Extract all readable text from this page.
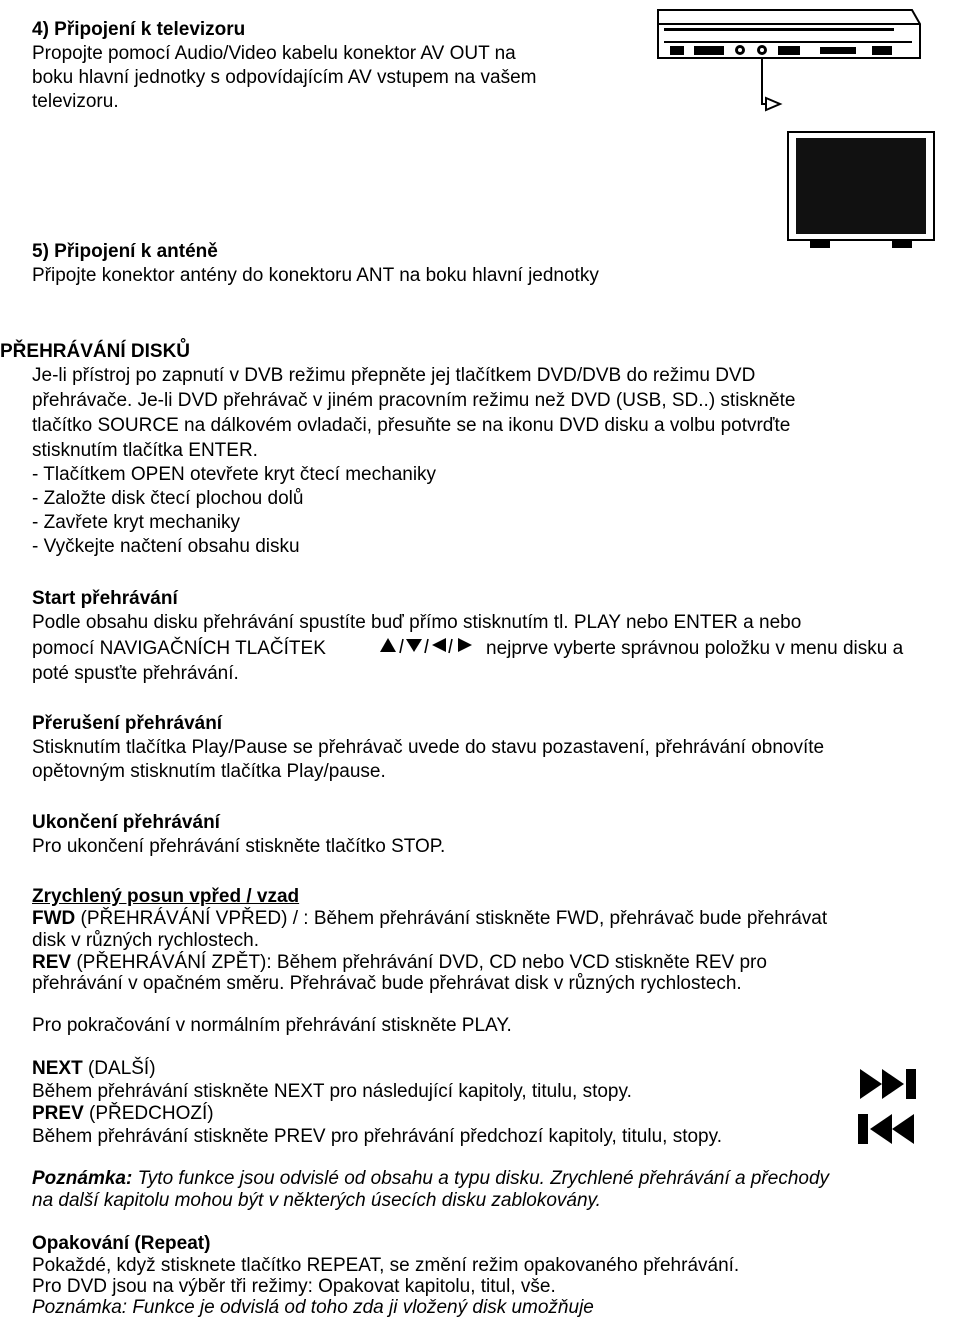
4) Připojení k televizoru
Propojte pomocí Audio/Video kabelu konektor AV OUT na
boku hlavní jednotky s odpovídajícím AV vstupem na vašem
televizoru.
5) Připojení k anténě
Připojte konektor antény do konektoru ANT na boku hlavní jednotky
PŘEHRÁVÁNÍ DISKŮ
Je-li přístroj po zapnutí v DVB režimu přepněte jej tlačítkem DVD/DVB do režimu DVD
přehrávače. Je-li DVD přehrávač v jiném pracovním režimu než DVD (USB, SD..) stiskněte
tlačítko SOURCE na dálkovém ovladači, přesuňte se na ikonu DVD disku a volbu potvrďte
stisknutím tlačítka ENTER.
- Tlačítkem OPEN otevřete kryt čtecí mechaniky
- Založte disk čtecí plochou dolů
- Zavřete kryt mechaniky
- Vyčkejte načtení obsahu disku
Start přehrávání
Podle obsahu disku přehrávání spustíte buď přímo stisknutím tl. PLAY nebo ENTER a nebo
pomocí NAVIGAČNÍCH TLAČÍTEK	nejprve vyberte správnou položku v menu disku a
poté spusťte přehrávání.
Přerušení přehrávání
Stisknutím tlačítka Play/Pause se přehrávač uvede do stavu pozastavení, přehrávání obnovíte
opětovným stisknutím tlačítka Play/pause.
Ukončení přehrávání
Pro ukončení přehrávání stiskněte tlačítko STOP.
Zrychlený posun vpřed / vzad
FWD (PŘEHRÁVÁNÍ VPŘED) / : Během přehrávání stiskněte FWD, přehrávač bude přehrávat
disk v různých rychlostech.
REV (PŘEHRÁVÁNÍ ZPĚT): Během přehrávání DVD, CD nebo VCD stiskněte REV pro
přehrávání v opačném směru. Přehrávač bude přehrávat disk v různých rychlostech.
Pro pokračování v normálním přehrávání stiskněte PLAY.
NEXT (DALŠÍ)
Během přehrávání stiskněte NEXT pro následující kapitoly, titulu, stopy.
PREV (PŘEDCHOZÍ)
Během přehrávání stiskněte PREV pro přehrávání předchozí kapitoly, titulu, stopy.
Poznámka: Tyto funkce jsou odvislé od obsahu a typu disku. Zrychlené přehrávání a přechody
na další kapitolu mohou být v některých úsecích disku zablokovány.
Opakování (Repeat)
Pokaždé, když stisknete tlačítko REPEAT, se změní režim opakovaného přehrávání.
Pro DVD jsou na výběr tři režimy: Opakovat kapitolu, titul, vše.
Poznámka: Funkce je odvislá od toho zda ji vložený disk umožňuje
